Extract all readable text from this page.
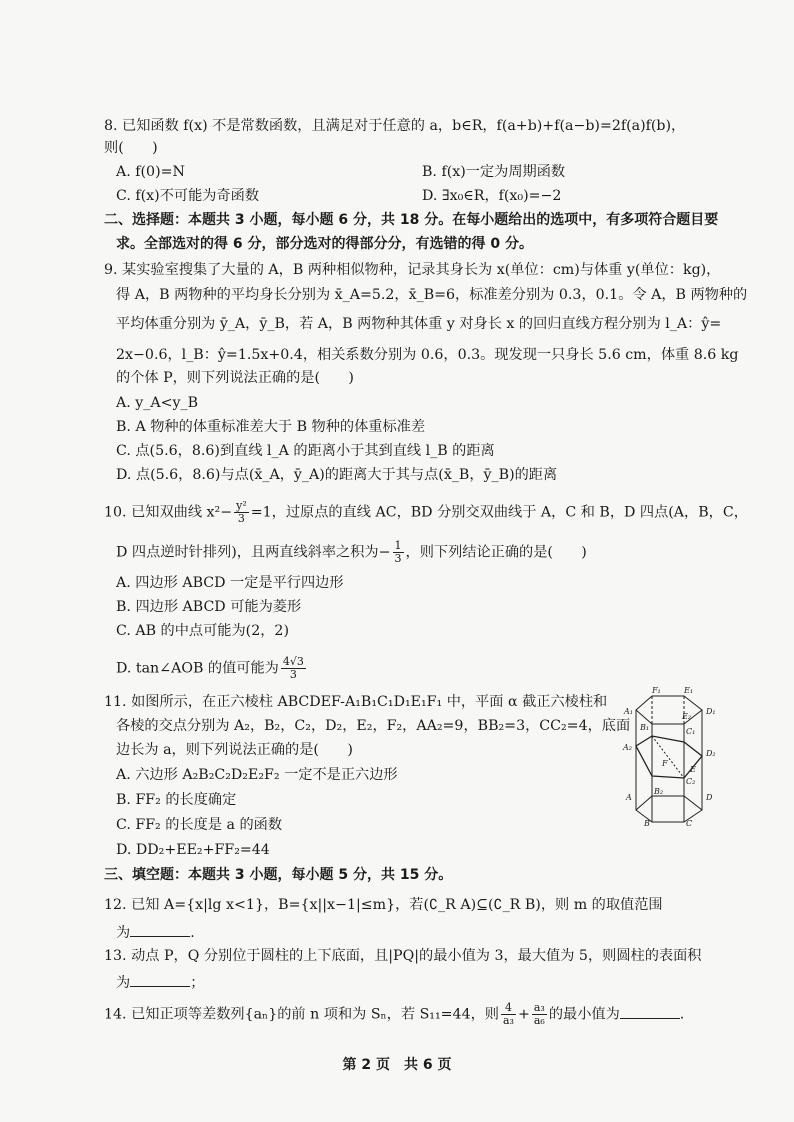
8. 已知函数 f(x) 不是常数函数，且满足对于任意的 a，b∈R，f(a+b)+f(a−b)=2f(a)f(b)，
则(　　)
A. f(0)=N	B. f(x)一定为周期函数
C. f(x)不可能为奇函数	D. ∃x₀∈R，f(x₀)=−2
二、选择题：本题共 3 小题，每小题 6 分，共 18 分。在每小题给出的选项中，有多项符合题目要
求。全部选对的得 6 分，部分选对的得部分分，有选错的得 0 分。
9. 某实验室搜集了大量的 A，B 两种相似物种，记录其身长为 x(单位：cm)与体重 y(单位：kg)，
得 A，B 两物种的平均身长分别为 x̄_A=5.2，x̄_B=6，标准差分别为 0.3，0.1。令 A，B 两物种的
平均体重分别为 ȳ_A，ȳ_B，若 A，B 两物种其体重 y 对身长 x 的回归直线方程分别为 l_A：ŷ=
2x−0.6，l_B：ŷ=1.5x+0.4，相关系数分别为 0.6，0.3。现发现一只身长 5.6 cm，体重 8.6 kg
的个体 P，则下列说法正确的是(　　)
A. y_A<y_B
B. A 物种的体重标准差大于 B 物种的体重标准差
C. 点(5.6，8.6)到直线 l_A 的距离小于其到直线 l_B 的距离
D. 点(5.6，8.6)与点(x̄_A，ȳ_A)的距离大于其与点(x̄_B，ȳ_B)的距离
10. 已知双曲线 $x^2- \frac{\text{y²}}{3} =1$，过原点的直线 AC，BD 分别交双曲线于 A，C 和 B，D 四点(A，B，C，
D 四点逆时针排列)，且两直线斜率之积为− $\frac{1}{3}$ ，则下列结论正确的是(　　)
A. 四边形 ABCD 一定是平行四边形
B. 四边形 ABCD 可能为菱形
C. AB 的中点可能为(2，2)
D. tan∠AOB 的值可能为 $\frac{4√3}{3}$
11. 如图所示，在正六棱柱 ABCDEF-A₁B₁C₁D₁E₁F₁ 中，平面 α 截正六棱柱和
各棱的交点分别为 A₂，B₂，C₂，D₂，E₂，F₂，AA₂=9，BB₂=3，CC₂=4，底面
边长为 a，则下列说法正确的是(　　)
A. 六边形 A₂B₂C₂D₂E₂F₂ 一定不是正六边形
B. FF₂ 的长度确定
C. FF₂ 的长度是 a 的函数
D. DD₂+EE₂+FF₂=44
F₁	E₁
A₁	D₁
E₂
B₁	C₁
A₂
D₂
F
C₂
E
A
B₂
D
B	C
三、填空题：本题共 3 小题，每小题 5 分，共 15 分。
12. 已知 A={x|lg x<1}，B={x||x−1|≤m}，若(∁_R A)⊆(∁_R B)，则 m 的取值范围
为	.
13. 动点 P，Q 分别位于圆柱的上下底面，且|PQ|的最小值为 3，最大值为 5，则圆柱的表面积
为	；
14. 已知正项等差数列{aₙ}的前 n 项和为 Sₙ，若 S₁₁=44，则 $\frac{4}{\text{a₃}} + \frac{\text{a₃}}{\text{a₆}}$ 的最小值为	.
第 2 页　共 6 页
